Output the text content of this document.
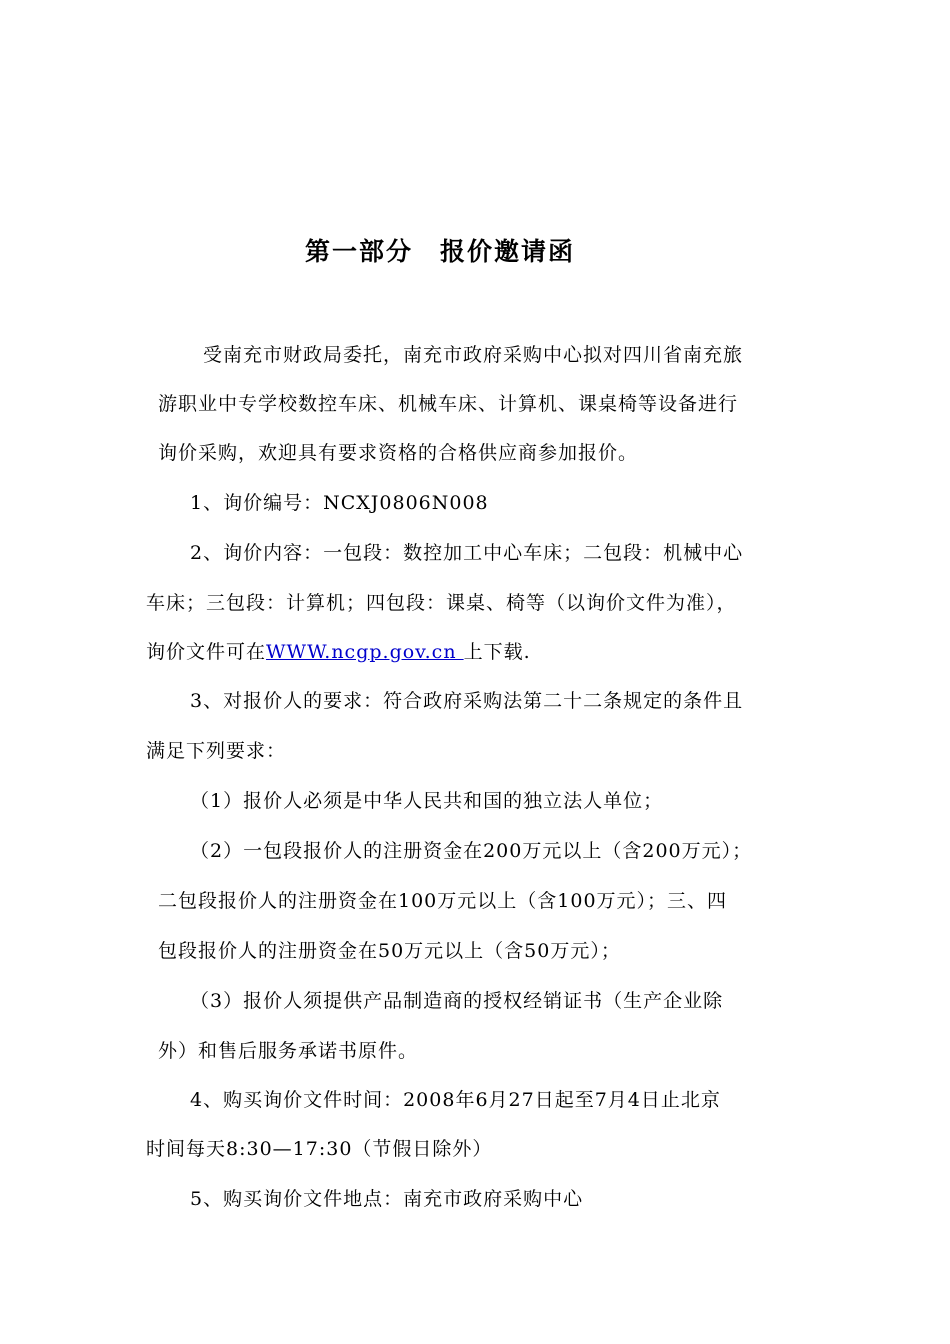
第一部分　报价邀请函
受南充市财政局委托，南充市政府采购中心拟对四川省南充旅
游职业中专学校数控车床、机械车床、计算机、课桌椅等设备进行
询价采购，欢迎具有要求资格的合格供应商参加报价。
1、询价编号：NCXJ0806N008
2、询价内容：一包段：数控加工中心车床；二包段：机械中心
车床；三包段：计算机；四包段：课桌、椅等（以询价文件为准），
询价文件可在WWW.ncgp.gov.cn 上下载.
3、对报价人的要求：符合政府采购法第二十二条规定的条件且
满足下列要求：
（1）报价人必须是中华人民共和国的独立法人单位；
（2）一包段报价人的注册资金在200万元以上（含200万元）；
二包段报价人的注册资金在100万元以上（含100万元）；三、四
包段报价人的注册资金在50万元以上（含50万元）；
（3）报价人须提供产品制造商的授权经销证书（生产企业除
外）和售后服务承诺书原件。
4、购买询价文件时间：2008年6月27日起至7月4日止北京
时间每天8:30—17:30（节假日除外）
5、购买询价文件地点：南充市政府采购中心
